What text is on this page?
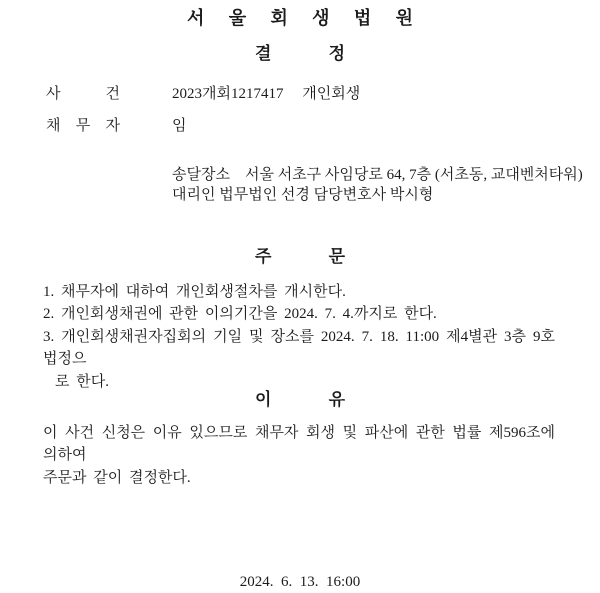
서 울 회 생 법 원
결	정
사	건	2023개회1217417　 개인회생
채 무 자	임
송달장소　서울 서초구 사임당로 64, 7층 (서초동, 교대벤처타워)
대리인 법무법인 선경 담당변호사 박시형
주	문
1. 채무자에 대하여 개인회생절차를 개시한다.
2. 개인회생채권에 관한 이의기간을 2024. 7. 4.까지로 한다.
3. 개인회생채권자집회의 기일 및 장소를 2024. 7. 18. 11:00 제4별관 3층 9호법정으
로 한다.
이	유
이 사건 신청은 이유 있으므로 채무자 회생 및 파산에 관한 법률 제596조에 의하여
주문과 같이 결정한다.
2024.  6.  13.  16:00
